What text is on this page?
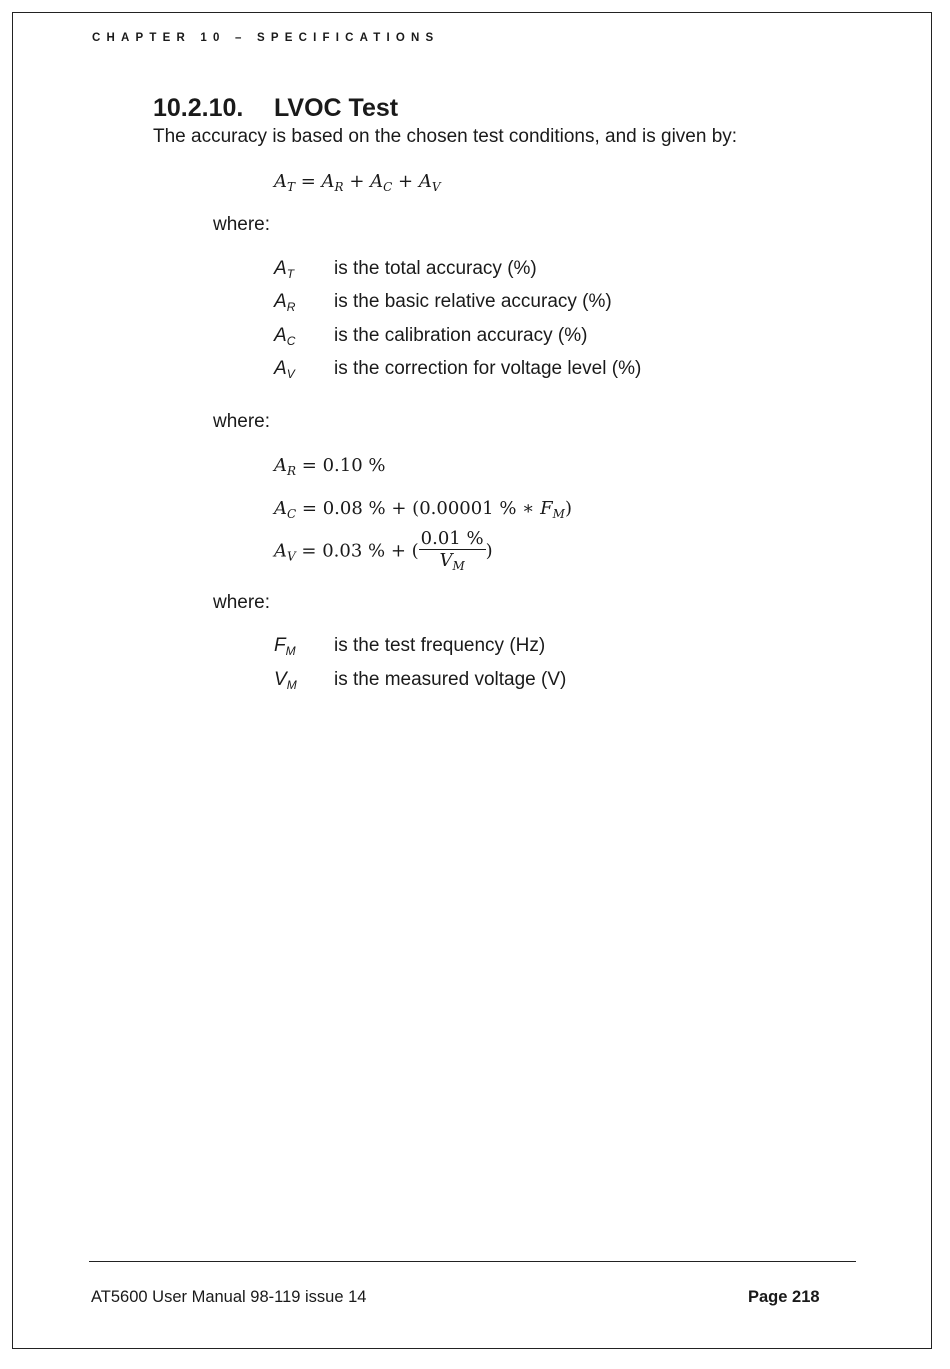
CHAPTER 10 – SPECIFICATIONS
10.2.10. LVOC Test
The accuracy is based on the chosen test conditions, and is given by:
$A_T = A_R + A_C + A_V$
where:
$A_T$ is the total accuracy (%)
$A_R$ is the basic relative accuracy (%)
$A_C$ is the calibration accuracy (%)
$A_V$ is the correction for voltage level (%)
where:
$A_R = 0.10$ %
$A_C = 0.08$ % + (0.00001 % ∗ $F_M$)
$A_V = 0.03$ % + ( $\frac{0.01 \%}{V_M}$ )
where:
$F_M$ is the test frequency (Hz)
$V_M$ is the measured voltage (V)
AT5600 User Manual 98-119 issue 14	Page 218
